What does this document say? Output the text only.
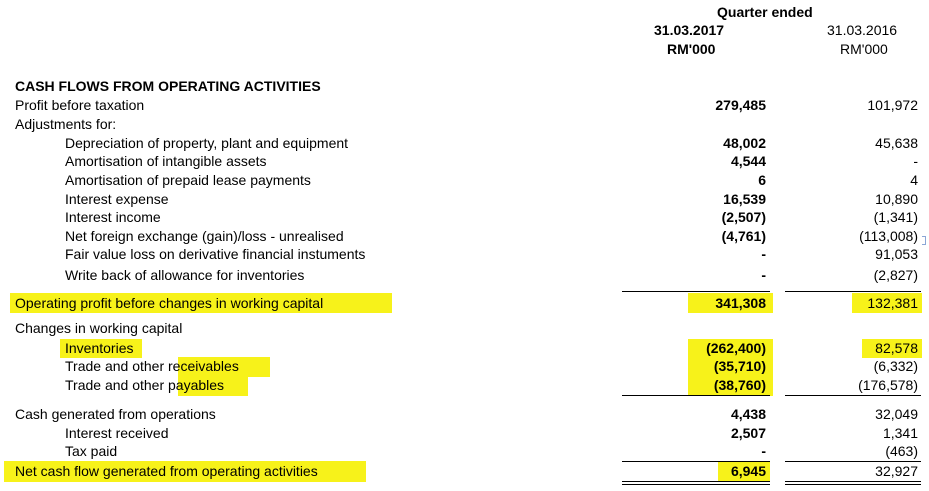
Quarter ended
31.03.2017
RM'000
31.03.2016
RM'000
CASH FLOWS FROM OPERATING ACTIVITIES
Profit before taxation	279,485	101,972
Adjustments for:
Depreciation of property, plant and equipment	48,002	45,638
Amortisation of intangible assets	4,544	-
Amortisation of prepaid lease payments	6	4
Interest expense	16,539	10,890
Interest income	(2,507)	(1,341)
Net foreign exchange (gain)/loss - unrealised	(4,761)	(113,008)
Fair value loss on derivative financial instuments	-	91,053
Write back of allowance for inventories	-	(2,827)
Operating profit before changes in working capital	341,308	132,381
Changes in working capital
Inventories	(262,400)	82,578
Trade and other receivables	(35,710)	(6,332)
Trade and other payables	(38,760)	(176,578)
Cash generated from operations	4,438	32,049
Interest received	2,507	1,341
Tax paid	-	(463)
Net cash flow generated from operating activities	6,945	32,927
